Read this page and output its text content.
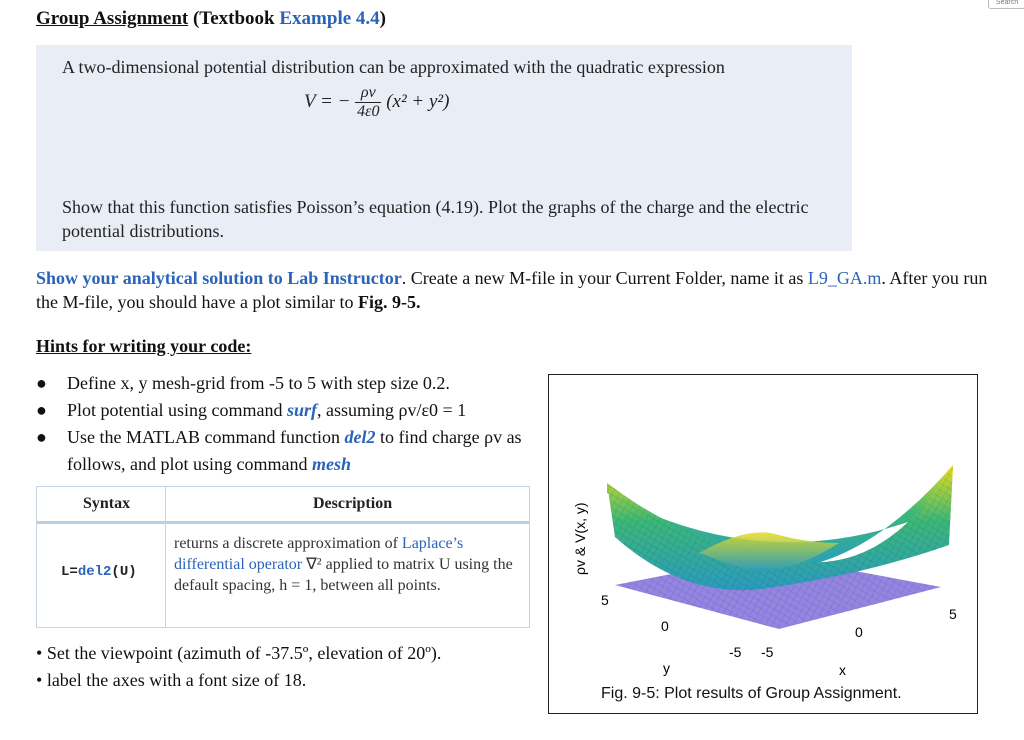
Search
Group Assignment (Textbook Example 4.4)
A two-dimensional potential distribution can be approximated with the quadratic expression
Show that this function satisfies Poisson’s equation (4.19). Plot the graphs of the charge and the electric potential distributions.
V = − $\frac{\rho v}{4\varepsilon 0} (x^2 + y^2)$
Show your analytical solution to Lab Instructor. Create a new M-file in your Current Folder, name it as L9_GA.m. After you run the M-file, you should have a plot similar to Fig. 9-5.
Hints for writing your code:
● Define x, y mesh-grid from -5 to 5 with step size 0.2.
● Plot potential using command surf, assuming ρv/ε0 = 1
● Use the MATLAB command function del2 to find charge ρv as follows, and plot using command mesh
Syntax	Description
L=del2(U)
returns a discrete approximation of Laplace’s differential operator ∇² applied to matrix U using the default spacing, h = 1, between all points.
• Set the viewpoint (azimuth of -37.5º, elevation of 20º).
• label the axes with a font size of 18.
5
0
-5 -5
0
5
y	x
ρv & V(x, y)
Fig. 9-5: Plot results of Group Assignment.
